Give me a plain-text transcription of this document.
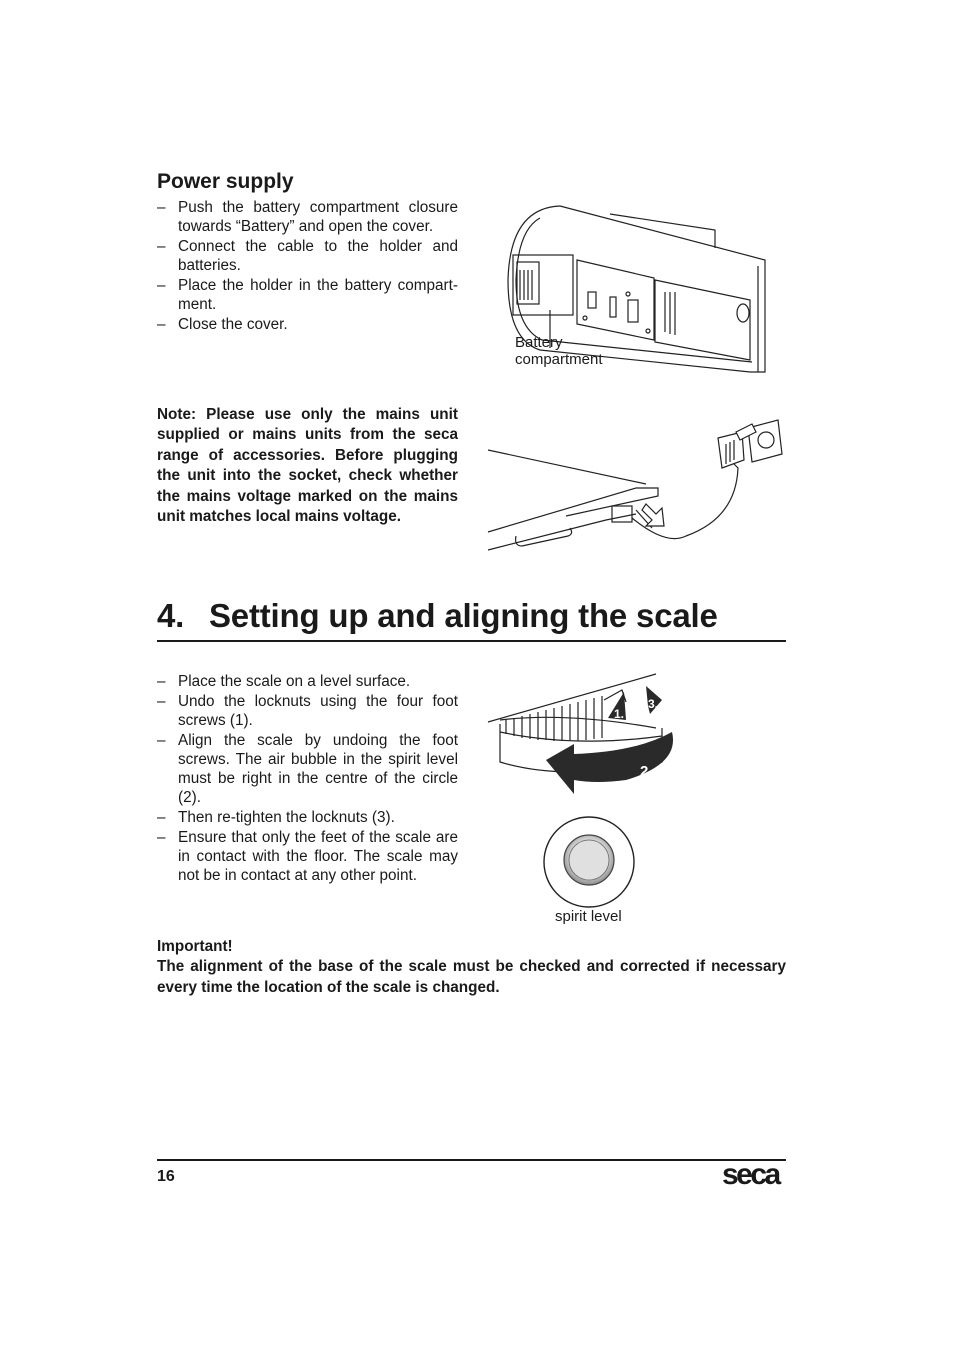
Power supply
– Push the battery compartment closure towards “Battery” and open the cover.
– Connect the cable to the holder and batteries.
– Place the holder in the battery compart-ment.
– Close the cover.
Battery
compartment
Note: Please use only the mains unit supplied or mains units from the seca range of accessories. Before plugging the unit into the socket, check whether the mains voltage marked on the mains unit matches local mains voltage.
4. Setting up and aligning the scale
– Place the scale on a level surface.
– Undo the locknuts using the four foot screws (1).
– Align the scale by undoing the foot screws. The air bubble in the spirit level must be right in the centre of the circle (2).
– Then re-tighten the locknuts (3).
– Ensure that only the feet of the scale are in contact with the floor. The scale may not be in contact at any other point.
1.
3.
2.
spirit level
Important!
The alignment of the base of the scale must be checked and corrected if necessary every time the location of the scale is changed.
16	seca
